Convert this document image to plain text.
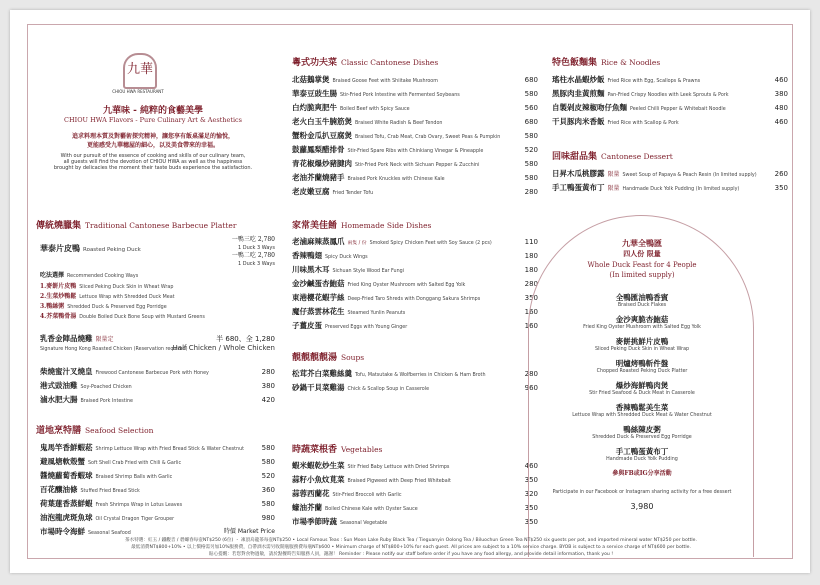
九華
CHIOU HWA RESTAURANT
九華味 - 純粹的食藝美學
CHIOU HWA Flavors - Pure Culinary Art & Aesthetics
追求料理本質及對藝術探究精神，讓您享有飯桌滿足的愉悅，
更能感受九華穗屋的細心，以及美食帶來的幸福。
With our pursuit of the essence of cooking and skills of our culinary team,
all guests will find the devotion of CHIOU HWA as well as the happiness
brought by delicacies the moment their taste buds experience the satisfaction.
傳統燒臘集 Traditional Cantonese Barbecue Platter
華泰片皮鴨 Roasted Peking Duck
一鴨三吃 2,780
1 Duck 3 Ways
一鴨二吃 2,780
1 Duck 3 Ways
吃法選擇 Recommended Cooking Ways
1.麥餅片皮鴨 Sliced Peking Duck Skin in Wheat Wrap
2.生菜炒鴨鬆 Lettuce Wrap with Shredded Duck Meat
3.鴨絲粥 Shredded Duck & Preserved Egg Porridge
4.芥菜鴨骨湯 Double Boiled Duck Bone Soup with Mustard Greens
乳香金陣品燒雞 限量定	半 680、全 1,280
Signature Hong Kong Roasted Chicken (Reservation required)
Half Chicken / Whole Chicken
柴燒蜜汁叉燒皇 Firewood Cantonese Barbecue Pork with Honey	280
港式豉油雞 Soy-Poached Chicken	380
滷水肥大腸 Braised Pork Intestine	420
道地烹特膳 Seafood Selection
鬼馬竿香鮮蝦菘 Shrimp Lettuce Wrap with Fried Bread Stick & Water Chestnut	580
避風塘軟殼蟹 Soft Shell Crab Fried with Chili & Garlic	580
醬燒蘿蔔香蝦球 Braised Shrimp Balls with Garlic	520
百花釀油條 Stuffed Fried Bread Stick	360
荷葉蓮香蒸鮮蝦 Fresh Shrimps Wrap in Lotus Leaves	580
油泡龍虎斑魚球 Oil Crystal Dragon Tiger Grouper	980
市場時令海鮮 Seasonal Seafood	時價 Market Price
粵式功夫菜 Classic Cantonese Dishes
北菇鵝掌煲 Braised Goose Feet with Shiitake Mushroom	680
華泰豆豉生腸 Stir-Fried Pork Intestine with Fermented Soybeans	580
白灼脆爽肥牛 Boiled Beef with Spicy Sauce	560
老火白玉牛腩筋煲 Braised White Radish & Beef Tendon	680
蟹粉金瓜扒豆腐煲 Braised Tofu, Crab Meat, Crab Ovary, Sweet Peas & Pumpkin	580
鼓蘿鳳梨醋排骨 Stir-Fried Spare Ribs with Chinkiang Vinegar & Pineapple	520
青花椒爆炒豬腱肉 Stir-Fried Pork Neck with Sichuan Pepper & Zucchini	580
老油芥蘭燒豬手 Braised Pork Knuckles with Chinese Kale	580
老皮嫩豆腐 Fried Tender Tofu	280
家常美佳餚 Homemade Side Dishes
老滷麻辣蒸鳳爪 兩隻 / 份 Smoked Spicy Chicken Feet with Soy Sauce (2 pcs)	110
香辣鴨翅 Spicy Duck Wings	180
川味黑木耳 Sichuan Style Wood Ear Fungi	180
金沙鹹蛋杏鮑菇 Fried King Oyster Mushroom with Salted Egg Yolk	280
東港櫻花蝦芋絲 Deep-Fried Taro Shreds with Donggang Sakura Shrimps	350
魔仔蒸雲林花生 Steamed Yunlin Peanuts	160
子薑皮蛋 Preserved Eggs with Young Ginger	160
靚靚靚靚湯 Soups
松茸芥白菜雞絲羹 Tofu, Matsutake & Wolfberries in Chicken & Ham Broth	280
砂鍋干貝菜雞湯 Chick & Scallop Soup in Casserole	960
時蔬菜根香 Vegetables
蝦米蝦乾炒生菜 Stir Fried Baby Lettuce with Dried Shrimps	460
蒜籽小魚炆莧菜 Braised Pigweed with Deep Fried Whitebait	350
蒜蓉西蘭花 Stir-Fried Broccoli with Garlic	320
蠔油芥蘭 Boiled Chinese Kale with Oyster Sauce	350
市場季節時蔬 Seasonal Vegetable	350
特色飯麵集 Rice & Noodles
瑤柱水晶蝦炒飯 Fried Rice with Egg, Scallops & Prawns	460
黑豚肉韭黃煎麵 Pan-Fried Crispy Noodles with Leek Sprouts & Pork	380
自製剁皮辣椒吻仔魚麵 Peeled Chilli Pepper & Whitebait Noodle	480
干貝豚肉米香飯 Fried Rice with Scallop & Pork	460
回味甜品集 Cantonese Dessert
日昇木瓜桃膠露 限量 Sweet Soup of Papaya & Peach Resin (In limited supply)	260
手工鴨蛋黃布丁 限量 Handmade Duck Yolk Pudding (In limited supply)	350
九華全鴨匯
四人份 限量
Whole Duck Feast for 4 People
(In limited supply)
全鴨匯油鴨香賓
Braised Duck Flakes
金沙爽脆杏鮑菇
Fried King Oyster Mushroom with Salted Egg Yolk
麥餅挑鮮片皮鴨
Sliced Peking Duck Skin in Wheat Wrap
明爐烤鴨斬件盤
Chopped Roasted Peking Duck Platter
爆炒海鮮鴨肉煲
Stir Fried Seafood & Duck Meat in Casserole
香辣鴨鬆美生菜
Lettuce Wrap with Shredded Duck Meat & Water Chestnut
鴨絲陳皮粥
Shredded Duck & Preserved Egg Porridge
手工鴨蛋黃布丁
Handmade Duck Yolk Pudding
參與FB或IG分享活動
Participate in our Facebook or Instagram sharing activity for a free dessert
3,980
茶水特選：紅玉 / 鐵觀音 / 碧螺春每壺NT$250 (6位) ・ 凍頂烏龍茶每壺NT$250 • Local Famous Teas : Sun Moon Lake Ruby Black Tea / Tieguanyin Oolong Tea / Biluochun Green Tea NT$250 six guests per pot, and imported mineral water NT$250 per bottle.
最低消費NT$800+10% • 以上價格需另加10%服務費，自帶酒水需另收開瓶服務費每瓶NT$600 • Minimum charge of NT$800+10% for each guest. All prices are subject to a 10% service charge. BYOB is subject to a service charge of NT$600 per bottle.
貼心提醒：若您對食物過敏，請於點餐時告知服務人員，謝謝！ Reminder : Please notify our staff before order if you have any food allergy, and provide detail information, thank you !
